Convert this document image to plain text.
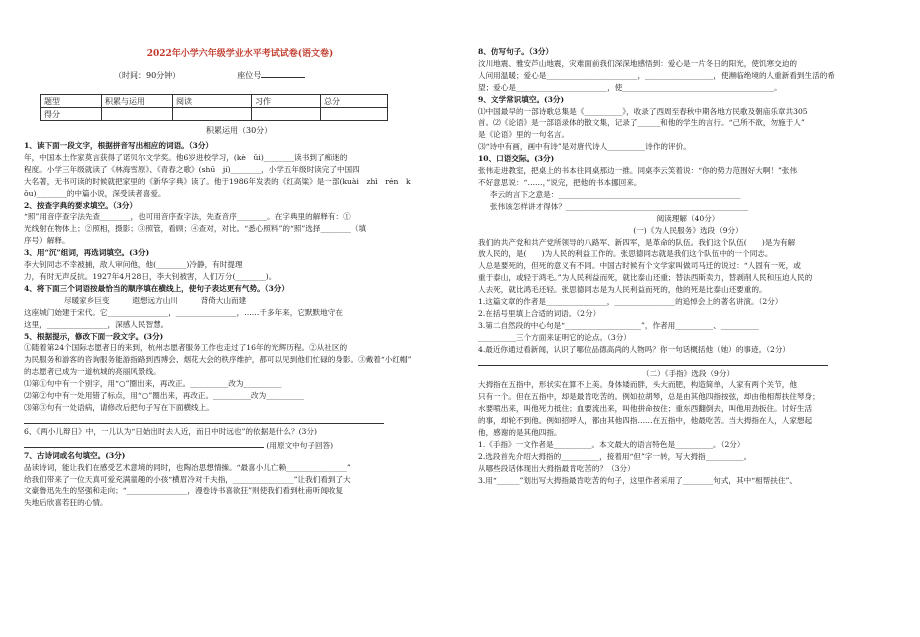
2022年小学六年级学业水平考试试卷(语文卷)
（时间：90分钟）	座位号
题型	积累与运用	阅读	习作	总分
得分				
积累运用（30分）

1、读下面一段文字，根据拼音写出相应的词语。（3分）

年，中国本土作家莫言获得了诺贝尔文学奖。他6岁进校学习，(kè　ǔi)________读书到了痴迷的

程度。小学三年级就读了《林海雪原》、《青春之歌》(shū　jí)________，小学五年级时读完了中国四

大名著，无书可读的时候就把家里的《新华字典》读了。他于1986年发表的《红高粱》是一部(kuài　zhì　rén　k

ǒu)________的中篇小说，深受读者喜爱。

2、按查字典的要求填空。（3分）

“照”用音序查字法先查________，也可用音序查字法，先查音序________。在字典里的解释有：①

光线射在物体上；②照相，摄影；③照管，看顾；④查对，对比。“悉心照料”的“照”选择________（填

序号）解释。

3、用“沉”组词，再选词填空。(3分)

李大钊同志不幸被捕，敌人审问他，他(________)冷静，有时提理

力，有时无声反抗。1927年4月28日，李大钊被害，人们万分(________)。

4、将下面三个词语按最恰当的顺序填在横线上，使句子表达更有气势。（3分）

尽暖家乡巨变　　　遐想远方山川　　　背倚大山而建

这座城门始建于宋代。它________________，________________，……千多年来，它默默地守在

这里，________________，深感人民智慧。

5、根据提示，修改下面一段文字。(3分)

①随着第24个国际志愿者日的来到，杭州志愿者服务工作也走过了16年的光辉历程。②从社区的

为民服务和游客的咨询服务能游指路到西博会、烟花大会的秩序维护，都可以见到他们忙碌的身影。③戴着“小红帽”

的志愿者已成为一道杭城的亮丽风景线。

⑴第①句中有一个别字，用“○”圈出来，再改正。__________改为__________

⑵第②句中有一处用错了标点，用“○”圈出来，再改正。__________改为__________

⑶第③句有一处语病，请修改后把句子写在下面横线上。

6、《两小儿辩日》中，一儿认为“日始出时去人近，而日中时远也”的依据是什么？(3分)

(用原文中句子回答)

7、古诗词或名句填空。(3分)

品读诗词，能让我们在感受艺术意境的同时，也陶冶思想情操。“最喜小儿亡赖________________”

给我们带来了一位天真可爱充满童趣的小孩“横眉冷对千夫指，________________”让我们看到了大

文豪鲁迅先生的坚强和走向；“________________，漫卷诗书喜欲狂”则使我们看到杜甫听闻收复

失地后欣喜若狂的心情。

8、仿写句子。（3分）

汶川地震、雅安芦山地震，灾难面前我们深深地感悟到：爱心是一片冬日的阳光，使饥寒交迫的

人问用温暖；爱心是________________________，__________________，使濒临绝境的人重新看到生活的希

望；爱心是________________________，使________________________________________。

9、文学常识填空。(3分)

⑴中国最早的一部诗歌总集是《__________》，收录了西周至春秋中期各地方民歌及朝庙乐章共305

首。⑵《论语》是一部语录体的散文集，记录了______和他的学生的言行。“己所不欲，勿施于人”

是《论语》里的一句名言。

⑶“诗中有画，画中有诗”是对唐代诗人__________诗作的评价。

10、口语交际。(3分)

张伟走进教室，把桌上的书本往同桌那边一推。同桌李云笑着说：“你的势力范围好大啊！”张伟

不好意思说：“……，”说完，把他的书本挪回来。

李云的言下之意是：________________________________________________

张伟该怎样讲才得体？________________________________________________

阅读理解（40分）

(一)《为人民服务》选段（9分）

我们的共产党和共产党所领导的八路军、新四军，是革命的队伍。我们这个队伍(　　)是为有解

放人民的，是(　　)为人民的利益工作的。张思德同志就是我们这个队伍中的一个同志。

人总是要死的，但死的意义有不同。中国古时候有个文学家叫做司马迁的说过：“人固有一死，或

重于泰山，或轻于鸿毛。”为人民利益而死，就比泰山还重；替法西斯卖力，替剥削人民和压迫人民的

人去死，就比鸿毛还轻。张思德同志是为人民利益而死的，他的死是比泰山还要重的。

1.这篇文章的作者是________________，________________的追悼会上的著名讲演。（2分）

2.在括号里填上合适的词语。（2分）

3.第二自然段的中心句是“____________________”，作者用__________、__________

__________三个方面来证明它的论点。（3分）

4.最近你通过看新闻，认识了哪位品德高尚的人物吗？你一句话概括他（她）的事迹。（2分）

（二）《手指》选段（9分）

大拇指在五指中，形状实在算不上美。身体矮而胖，头大而肥，构造简单，人家有两个关节，他

只有一个。但在五指中，却是最肯吃苦的。例如拉胡琴，总是由其他四指按弦，却由他相帮扶住琴身；

水要喷出来，叫他死力抵住；血要流出来，叫他拼命按住；重东西翻倒去，叫他用劲扳住。讨好生活

的事，却轮不到他。例如招呼人，都由其他四指……在五指中，他最吃苦。当大拇指在人，人家想起

他，感谢的是其他四指。

1.《手指》一文作者是__________。本文最大的语言特色是__________。（2分）

2.选段首先介绍大拇指的__________，接着用“但”字一转，写大拇指__________。

从哪些段话体现出大拇指最肯吃苦的？（3分）

3.用“______”划出写大拇指最肯吃苦的句子，这里作者采用了________句式，其中“相帮扶住”、
